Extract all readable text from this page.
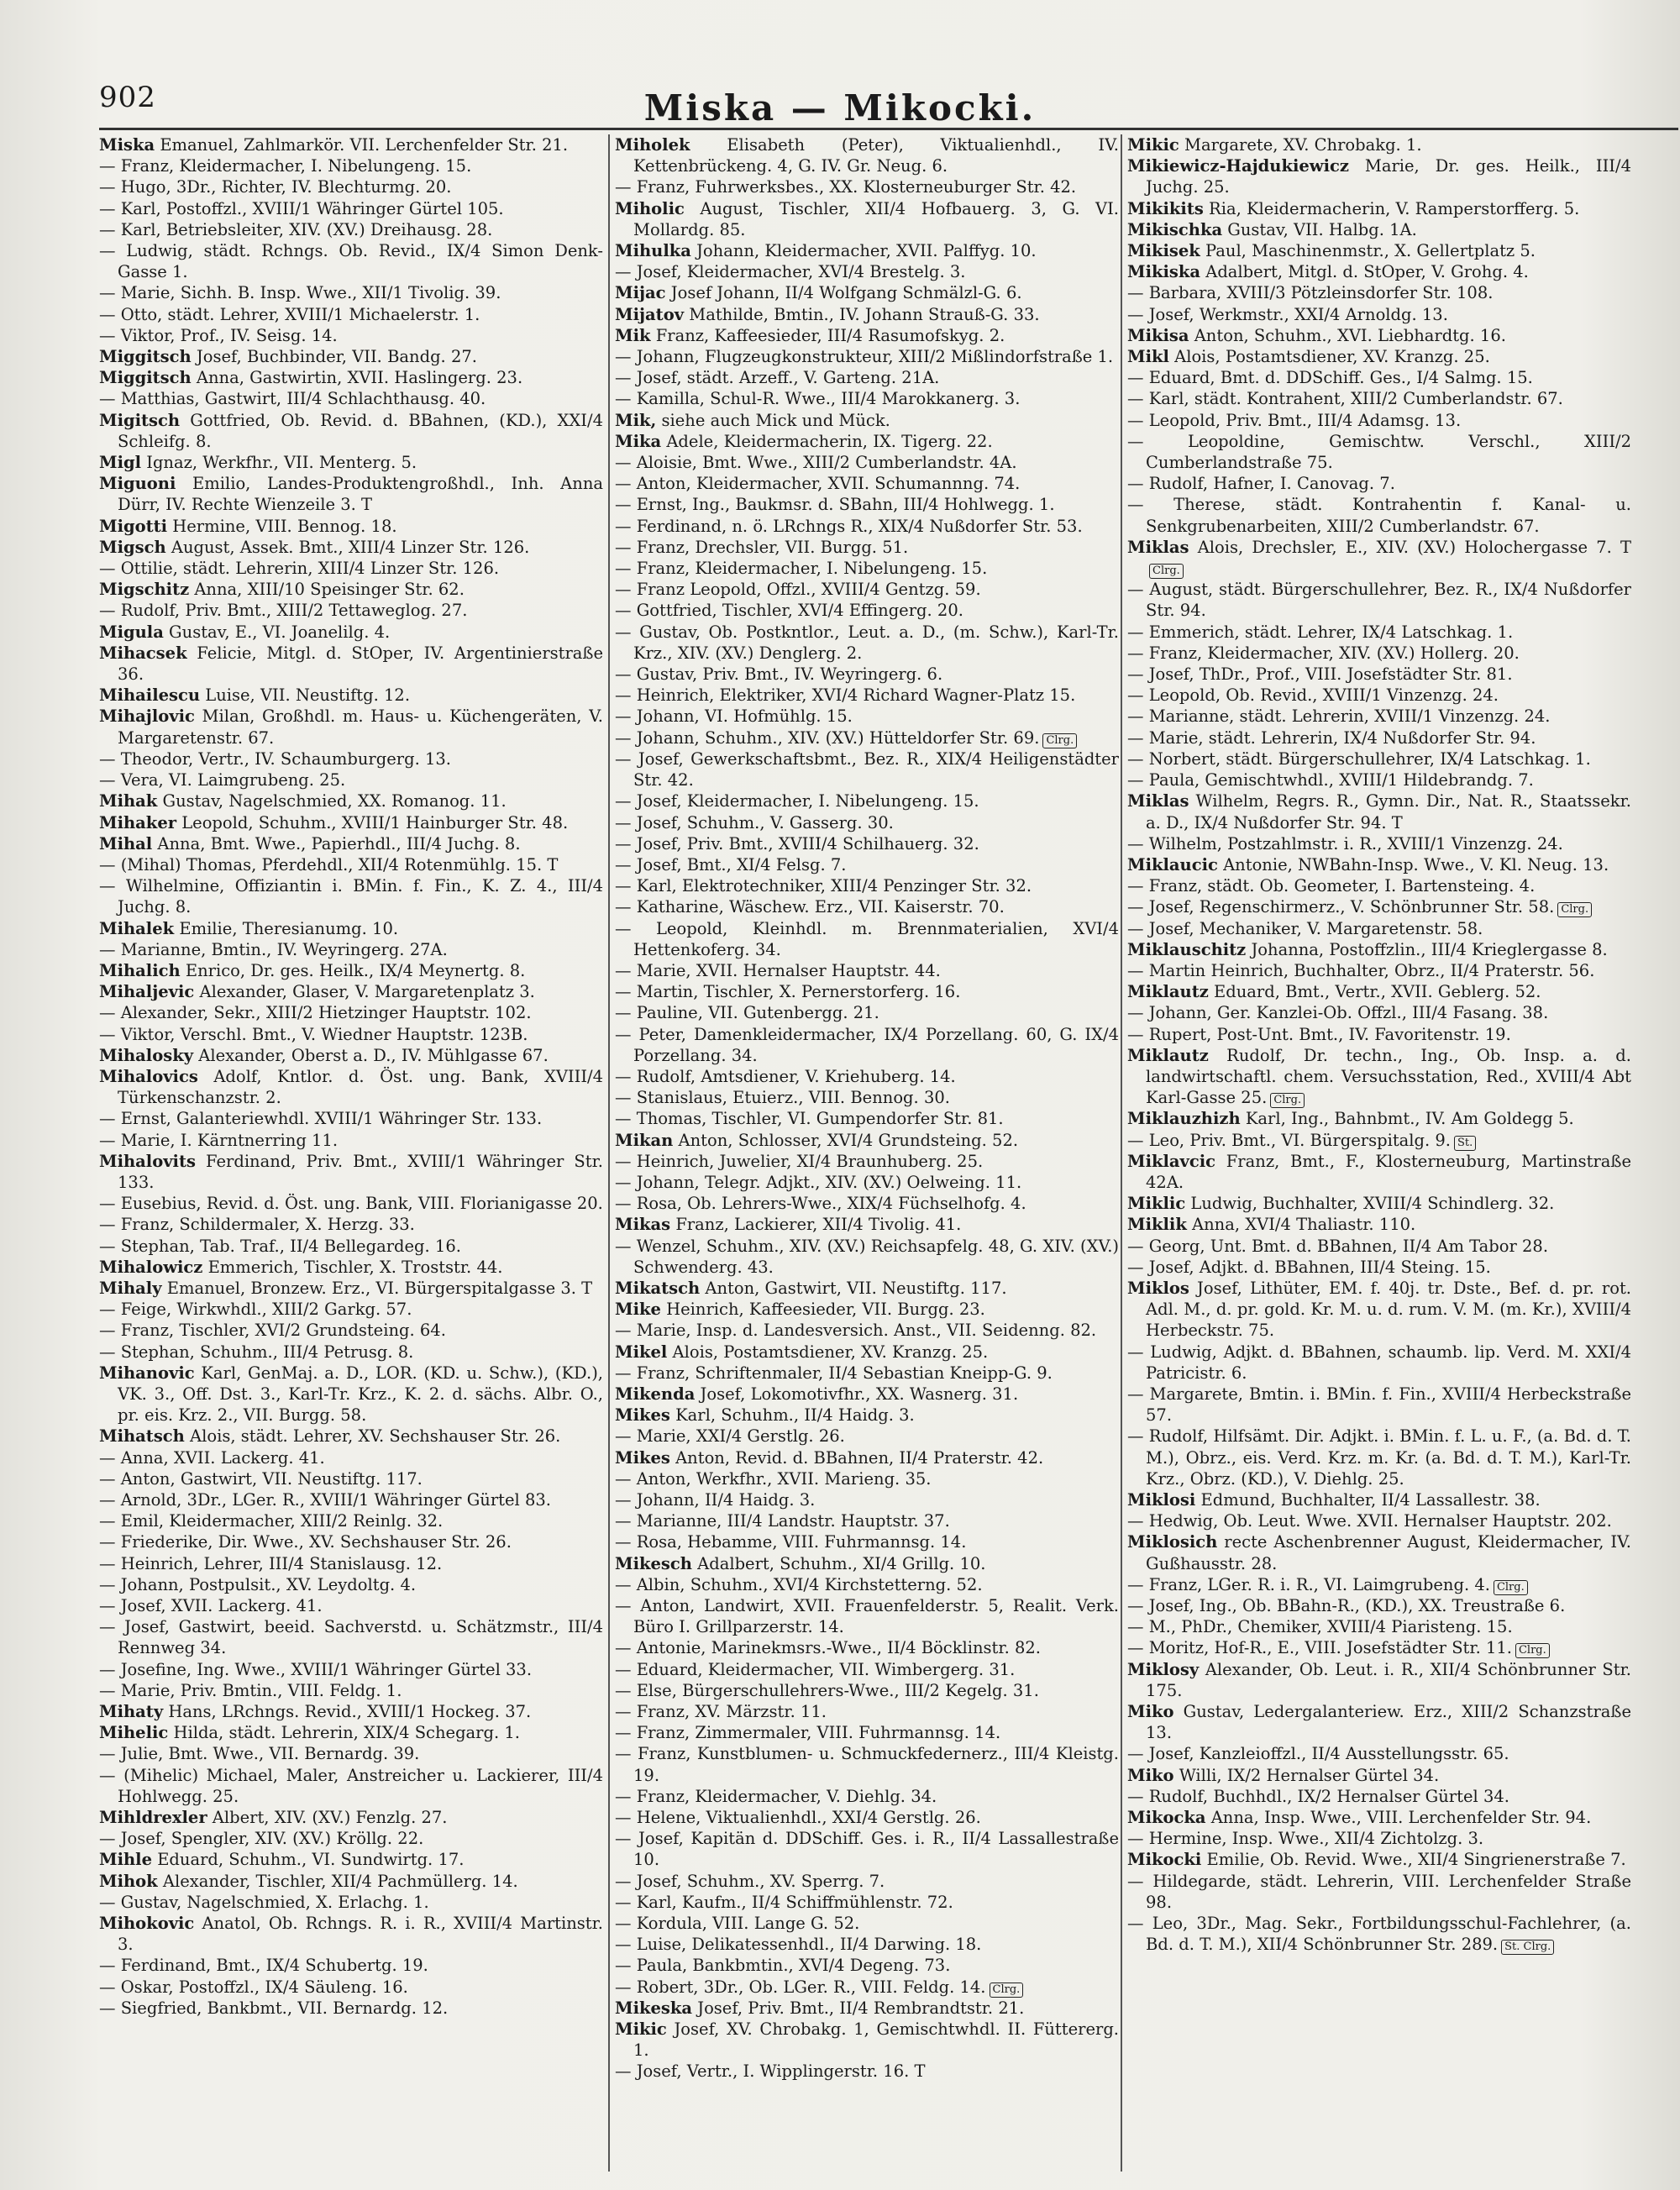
902	Miska — Mikocki.
Miska Emanuel, Zahlmarkör. VII. Lerchenfelder Str. 21.
— Franz, Kleidermacher, I. Nibelungeng. 15.
— Hugo, 3Dr., Richter, IV. Blechturmg. 20.
— Karl, Postoffzl., XVIII/1 Währinger Gürtel 105.
— Karl, Betriebsleiter, XIV. (XV.) Dreihausg. 28.
— Ludwig, städt. Rchngs. Ob. Revid., IX/4 Simon Denk-Gasse 1.
— Marie, Sichh. B. Insp. Wwe., XII/1 Tivolig. 39.
— Otto, städt. Lehrer, XVIII/1 Michaelerstr. 1.
— Viktor, Prof., IV. Seisg. 14.
Miggitsch Josef, Buchbinder, VII. Bandg. 27.
Miggitsch Anna, Gastwirtin, XVII. Haslingerg. 23.
— Matthias, Gastwirt, III/4 Schlachthausg. 40.
Migitsch Gottfried, Ob. Revid. d. BBahnen, (KD.), XXI/4 Schleifg. 8.
Migl Ignaz, Werkfhr., VII. Menterg. 5.
Miguoni Emilio, Landes-Produktengroßhdl., Inh. Anna Dürr, IV. Rechte Wienzeile 3. T
Migotti Hermine, VIII. Bennog. 18.
Migsch August, Assek. Bmt., XIII/4 Linzer Str. 126.
— Ottilie, städt. Lehrerin, XIII/4 Linzer Str. 126.
Migschitz Anna, XIII/10 Speisinger Str. 62.
— Rudolf, Priv. Bmt., XIII/2 Tettaweglog. 27.
Migula Gustav, E., VI. Joanelilg. 4.
Mihacsek Felicie, Mitgl. d. StOper, IV. Argentinierstraße 36.
Mihailescu Luise, VII. Neustiftg. 12.
Mihajlovic Milan, Großhdl. m. Haus- u. Küchengeräten, V. Margaretenstr. 67.
— Theodor, Vertr., IV. Schaumburgerg. 13.
— Vera, VI. Laimgrubeng. 25.
Mihak Gustav, Nagelschmied, XX. Romanog. 11.
Mihaker Leopold, Schuhm., XVIII/1 Hainburger Str. 48.
Mihal Anna, Bmt. Wwe., Papierhdl., III/4 Juchg. 8.
— (Mihal) Thomas, Pferdehdl., XII/4 Rotenmühlg. 15. T
— Wilhelmine, Offiziantin i. BMin. f. Fin., K. Z. 4., III/4 Juchg. 8.
Mihalek Emilie, Theresianumg. 10.
— Marianne, Bmtin., IV. Weyringerg. 27A.
Mihalich Enrico, Dr. ges. Heilk., IX/4 Meynertg. 8.
Mihaljevic Alexander, Glaser, V. Margaretenplatz 3.
— Alexander, Sekr., XIII/2 Hietzinger Hauptstr. 102.
— Viktor, Verschl. Bmt., V. Wiedner Hauptstr. 123B.
Mihalosky Alexander, Oberst a. D., IV. Mühlgasse 67.
Mihalovics Adolf, Kntlor. d. Öst. ung. Bank, XVIII/4 Türkenschanzstr. 2.
— Ernst, Galanteriewhdl. XVIII/1 Währinger Str. 133.
— Marie, I. Kärntnerring 11.
Mihalovits Ferdinand, Priv. Bmt., XVIII/1 Währinger Str. 133.
— Eusebius, Revid. d. Öst. ung. Bank, VIII. Florianigasse 20.
— Franz, Schildermaler, X. Herzg. 33.
— Stephan, Tab. Traf., II/4 Bellegardeg. 16.
Mihalowicz Emmerich, Tischler, X. Troststr. 44.
Mihaly Emanuel, Bronzew. Erz., VI. Bürgerspitalgasse 3. T
— Feige, Wirkwhdl., XIII/2 Garkg. 57.
— Franz, Tischler, XVI/2 Grundsteing. 64.
— Stephan, Schuhm., III/4 Petrusg. 8.
Mihanovic Karl, GenMaj. a. D., LOR. (KD. u. Schw.), (KD.), VK. 3., Off. Dst. 3., Karl-Tr. Krz., K. 2. d. sächs. Albr. O., pr. eis. Krz. 2., VII. Burgg. 58.
Mihatsch Alois, städt. Lehrer, XV. Sechshauser Str. 26.
— Anna, XVII. Lackerg. 41.
— Anton, Gastwirt, VII. Neustiftg. 117.
— Arnold, 3Dr., LGer. R., XVIII/1 Währinger Gürtel 83.
— Emil, Kleidermacher, XIII/2 Reinlg. 32.
— Friederike, Dir. Wwe., XV. Sechshauser Str. 26.
— Heinrich, Lehrer, III/4 Stanislausg. 12.
— Johann, Postpulsit., XV. Leydoltg. 4.
— Josef, XVII. Lackerg. 41.
— Josef, Gastwirt, beeid. Sachverstd. u. Schätzmstr., III/4 Rennweg 34.
— Josefine, Ing. Wwe., XVIII/1 Währinger Gürtel 33.
— Marie, Priv. Bmtin., VIII. Feldg. 1.
Mihaty Hans, LRchngs. Revid., XVIII/1 Hockeg. 37.
Mihelic Hilda, städt. Lehrerin, XIX/4 Schegarg. 1.
— Julie, Bmt. Wwe., VII. Bernardg. 39.
— (Mihelic) Michael, Maler, Anstreicher u. Lackierer, III/4 Hohlwegg. 25.
Mihldrexler Albert, XIV. (XV.) Fenzlg. 27.
— Josef, Spengler, XIV. (XV.) Kröllg. 22.
Mihle Eduard, Schuhm., VI. Sundwirtg. 17.
Mihok Alexander, Tischler, XII/4 Pachmüllerg. 14.
— Gustav, Nagelschmied, X. Erlachg. 1.
Mihokovic Anatol, Ob. Rchngs. R. i. R., XVIII/4 Martinstr. 3.
— Ferdinand, Bmt., IX/4 Schubertg. 19.
— Oskar, Postoffzl., IX/4 Säuleng. 16.
— Siegfried, Bankbmt., VII. Bernardg. 12.
Miholek Elisabeth (Peter), Viktualienhdl., IV. Kettenbrückeng. 4, G. IV. Gr. Neug. 6.
— Franz, Fuhrwerksbes., XX. Klosterneuburger Str. 42.
Miholic August, Tischler, XII/4 Hofbauerg. 3, G. VI. Mollardg. 85.
Mihulka Johann, Kleidermacher, XVII. Palffyg. 10.
— Josef, Kleidermacher, XVI/4 Brestelg. 3.
Mijac Josef Johann, II/4 Wolfgang Schmälzl-G. 6.
Mijatov Mathilde, Bmtin., IV. Johann Strauß-G. 33.
Mik Franz, Kaffeesieder, III/4 Rasumofskyg. 2.
— Johann, Flugzeugkonstrukteur, XIII/2 Mißlindorfstraße 1.
— Josef, städt. Arzeff., V. Garteng. 21A.
— Kamilla, Schul-R. Wwe., III/4 Marokkanerg. 3.
Mik, siehe auch Mick und Mück.
Mika Adele, Kleidermacherin, IX. Tigerg. 22.
— Aloisie, Bmt. Wwe., XIII/2 Cumberlandstr. 4A.
— Anton, Kleidermacher, XVII. Schumannng. 74.
— Ernst, Ing., Baukmsr. d. SBahn, III/4 Hohlwegg. 1.
— Ferdinand, n. ö. LRchngs R., XIX/4 Nußdorfer Str. 53.
— Franz, Drechsler, VII. Burgg. 51.
— Franz, Kleidermacher, I. Nibelungeng. 15.
— Franz Leopold, Offzl., XVIII/4 Gentzg. 59.
— Gottfried, Tischler, XVI/4 Effingerg. 20.
— Gustav, Ob. Postkntlor., Leut. a. D., (m. Schw.), Karl-Tr. Krz., XIV. (XV.) Denglerg. 2.
— Gustav, Priv. Bmt., IV. Weyringerg. 6.
— Heinrich, Elektriker, XVI/4 Richard Wagner-Platz 15.
— Johann, VI. Hofmühlg. 15.
— Johann, Schuhm., XIV. (XV.) Hütteldorfer Str. 69. Clrg.
— Josef, Gewerkschaftsbmt., Bez. R., XIX/4 Heiligenstädter Str. 42.
— Josef, Kleidermacher, I. Nibelungeng. 15.
— Josef, Schuhm., V. Gasserg. 30.
— Josef, Priv. Bmt., XVIII/4 Schilhauerg. 32.
— Josef, Bmt., XI/4 Felsg. 7.
— Karl, Elektrotechniker, XIII/4 Penzinger Str. 32.
— Katharine, Wäschew. Erz., VII. Kaiserstr. 70.
— Leopold, Kleinhdl. m. Brennmaterialien, XVI/4 Hettenkoferg. 34.
— Marie, XVII. Hernalser Hauptstr. 44.
— Martin, Tischler, X. Pernerstorferg. 16.
— Pauline, VII. Gutenbergg. 21.
— Peter, Damenkleidermacher, IX/4 Porzellang. 60, G. IX/4 Porzellang. 34.
— Rudolf, Amtsdiener, V. Kriehuberg. 14.
— Stanislaus, Etuierz., VIII. Bennog. 30.
— Thomas, Tischler, VI. Gumpendorfer Str. 81.
Mikan Anton, Schlosser, XVI/4 Grundsteing. 52.
— Heinrich, Juwelier, XI/4 Braunhuberg. 25.
— Johann, Telegr. Adjkt., XIV. (XV.) Oelweing. 11.
— Rosa, Ob. Lehrers-Wwe., XIX/4 Füchselhofg. 4.
Mikas Franz, Lackierer, XII/4 Tivolig. 41.
— Wenzel, Schuhm., XIV. (XV.) Reichsapfelg. 48, G. XIV. (XV.) Schwenderg. 43.
Mikatsch Anton, Gastwirt, VII. Neustiftg. 117.
Mike Heinrich, Kaffeesieder, VII. Burgg. 23.
— Marie, Insp. d. Landesversich. Anst., VII. Seidenng. 82.
Mikel Alois, Postamtsdiener, XV. Kranzg. 25.
— Franz, Schriftenmaler, II/4 Sebastian Kneipp-G. 9.
Mikenda Josef, Lokomotivfhr., XX. Wasnerg. 31.
Mikes Karl, Schuhm., II/4 Haidg. 3.
— Marie, XXI/4 Gerstlg. 26.
Mikes Anton, Revid. d. BBahnen, II/4 Praterstr. 42.
— Anton, Werkfhr., XVII. Marieng. 35.
— Johann, II/4 Haidg. 3.
— Marianne, III/4 Landstr. Hauptstr. 37.
— Rosa, Hebamme, VIII. Fuhrmannsg. 14.
Mikesch Adalbert, Schuhm., XI/4 Grillg. 10.
— Albin, Schuhm., XVI/4 Kirchstetterng. 52.
— Anton, Landwirt, XVII. Frauenfelderstr. 5, Realit. Verk. Büro I. Grillparzerstr. 14.
— Antonie, Marinekmsrs.-Wwe., II/4 Böcklinstr. 82.
— Eduard, Kleidermacher, VII. Wimbergerg. 31.
— Else, Bürgerschullehrers-Wwe., III/2 Kegelg. 31.
— Franz, XV. Märzstr. 11.
— Franz, Zimmermaler, VIII. Fuhrmannsg. 14.
— Franz, Kunstblumen- u. Schmuckfedernerz., III/4 Kleistg. 19.
— Franz, Kleidermacher, V. Diehlg. 34.
— Helene, Viktualienhdl., XXI/4 Gerstlg. 26.
— Josef, Kapitän d. DDSchiff. Ges. i. R., II/4 Lassallestraße 10.
— Josef, Schuhm., XV. Sperrg. 7.
— Karl, Kaufm., II/4 Schiffmühlenstr. 72.
— Kordula, VIII. Lange G. 52.
— Luise, Delikatessenhdl., II/4 Darwing. 18.
— Paula, Bankbmtin., XVI/4 Degeng. 73.
— Robert, 3Dr., Ob. LGer. R., VIII. Feldg. 14. Clrg.
Mikeska Josef, Priv. Bmt., II/4 Rembrandtstr. 21.
Mikic Josef, XV. Chrobakg. 1, Gemischtwhdl. II. Füttererg. 1.
— Josef, Vertr., I. Wipplingerstr. 16. T
Mikic Margarete, XV. Chrobakg. 1.
Mikiewicz-Hajdukiewicz Marie, Dr. ges. Heilk., III/4 Juchg. 25.
Mikikits Ria, Kleidermacherin, V. Ramperstorfferg. 5.
Mikischka Gustav, VII. Halbg. 1A.
Mikisek Paul, Maschinenmstr., X. Gellertplatz 5.
Mikiska Adalbert, Mitgl. d. StOper, V. Grohg. 4.
— Barbara, XVIII/3 Pötzleinsdorfer Str. 108.
— Josef, Werkmstr., XXI/4 Arnoldg. 13.
Mikisa Anton, Schuhm., XVI. Liebhardtg. 16.
Mikl Alois, Postamtsdiener, XV. Kranzg. 25.
— Eduard, Bmt. d. DDSchiff. Ges., I/4 Salmg. 15.
— Karl, städt. Kontrahent, XIII/2 Cumberlandstr. 67.
— Leopold, Priv. Bmt., III/4 Adamsg. 13.
— Leopoldine, Gemischtw. Verschl., XIII/2 Cumberlandstraße 75.
— Rudolf, Hafner, I. Canovag. 7.
— Therese, städt. Kontrahentin f. Kanal- u. Senkgrubenarbeiten, XIII/2 Cumberlandstr. 67.
Miklas Alois, Drechsler, E., XIV. (XV.) Holochergasse 7. TClrg.
— August, städt. Bürgerschullehrer, Bez. R., IX/4 Nußdorfer Str. 94.
— Emmerich, städt. Lehrer, IX/4 Latschkag. 1.
— Franz, Kleidermacher, XIV. (XV.) Hollerg. 20.
— Josef, ThDr., Prof., VIII. Josefstädter Str. 81.
— Leopold, Ob. Revid., XVIII/1 Vinzenzg. 24.
— Marianne, städt. Lehrerin, XVIII/1 Vinzenzg. 24.
— Marie, städt. Lehrerin, IX/4 Nußdorfer Str. 94.
— Norbert, städt. Bürgerschullehrer, IX/4 Latschkag. 1.
— Paula, Gemischtwhdl., XVIII/1 Hildebrandg. 7.
Miklas Wilhelm, Regrs. R., Gymn. Dir., Nat. R., Staatssekr. a. D., IX/4 Nußdorfer Str. 94. T
— Wilhelm, Postzahlmstr. i. R., XVIII/1 Vinzenzg. 24.
Miklaucic Antonie, NWBahn-Insp. Wwe., V. Kl. Neug. 13.
— Franz, städt. Ob. Geometer, I. Bartensteing. 4.
— Josef, Regenschirmerz., V. Schönbrunner Str. 58. Clrg.
— Josef, Mechaniker, V. Margaretenstr. 58.
Miklauschitz Johanna, Postoffzlin., III/4 Krieglergasse 8.
— Martin Heinrich, Buchhalter, Obrz., II/4 Praterstr. 56.
Miklautz Eduard, Bmt., Vertr., XVII. Geblerg. 52.
— Johann, Ger. Kanzlei-Ob. Offzl., III/4 Fasang. 38.
— Rupert, Post-Unt. Bmt., IV. Favoritenstr. 19.
Miklautz Rudolf, Dr. techn., Ing., Ob. Insp. a. d. landwirtschaftl. chem. Versuchsstation, Red., XVIII/4 Abt Karl-Gasse 25. Clrg.
Miklauzhizh Karl, Ing., Bahnbmt., IV. Am Goldegg 5.
— Leo, Priv. Bmt., VI. Bürgerspitalg. 9. St.
Miklavcic Franz, Bmt., F., Klosterneuburg, Martinstraße 42A.
Miklic Ludwig, Buchhalter, XVIII/4 Schindlerg. 32.
Miklik Anna, XVI/4 Thaliastr. 110.
— Georg, Unt. Bmt. d. BBahnen, II/4 Am Tabor 28.
— Josef, Adjkt. d. BBahnen, III/4 Steing. 15.
Miklos Josef, Lithüter, EM. f. 40j. tr. Dste., Bef. d. pr. rot. Adl. M., d. pr. gold. Kr. M. u. d. rum. V. M. (m. Kr.), XVIII/4 Herbeckstr. 75.
— Ludwig, Adjkt. d. BBahnen, schaumb. lip. Verd. M. XXI/4 Patricistr. 6.
— Margarete, Bmtin. i. BMin. f. Fin., XVIII/4 Herbeckstraße 57.
— Rudolf, Hilfsämt. Dir. Adjkt. i. BMin. f. L. u. F., (a. Bd. d. T. M.), Obrz., eis. Verd. Krz. m. Kr. (a. Bd. d. T. M.), Karl-Tr. Krz., Obrz. (KD.), V. Diehlg. 25.
Miklosi Edmund, Buchhalter, II/4 Lassallestr. 38.
— Hedwig, Ob. Leut. Wwe. XVII. Hernalser Hauptstr. 202.
Miklosich recte Aschenbrenner August, Kleidermacher, IV. Gußhausstr. 28.
— Franz, LGer. R. i. R., VI. Laimgrubeng. 4. Clrg.
— Josef, Ing., Ob. BBahn-R., (KD.), XX. Treustraße 6.
— M., PhDr., Chemiker, XVIII/4 Piaristeng. 15.
— Moritz, Hof-R., E., VIII. Josefstädter Str. 11. Clrg.
Miklosy Alexander, Ob. Leut. i. R., XII/4 Schönbrunner Str. 175.
Miko Gustav, Ledergalanteriew. Erz., XIII/2 Schanzstraße 13.
— Josef, Kanzleioffzl., II/4 Ausstellungsstr. 65.
Miko Willi, IX/2 Hernalser Gürtel 34.
— Rudolf, Buchhdl., IX/2 Hernalser Gürtel 34.
Mikocka Anna, Insp. Wwe., VIII. Lerchenfelder Str. 94.
— Hermine, Insp. Wwe., XII/4 Zichtolzg. 3.
Mikocki Emilie, Ob. Revid. Wwe., XII/4 Singrienerstraße 7.
— Hildegarde, städt. Lehrerin, VIII. Lerchenfelder Straße 98.
— Leo, 3Dr., Mag. Sekr., Fortbildungsschul-Fachlehrer, (a. Bd. d. T. M.), XII/4 Schönbrunner Str. 289. St. Clrg.
